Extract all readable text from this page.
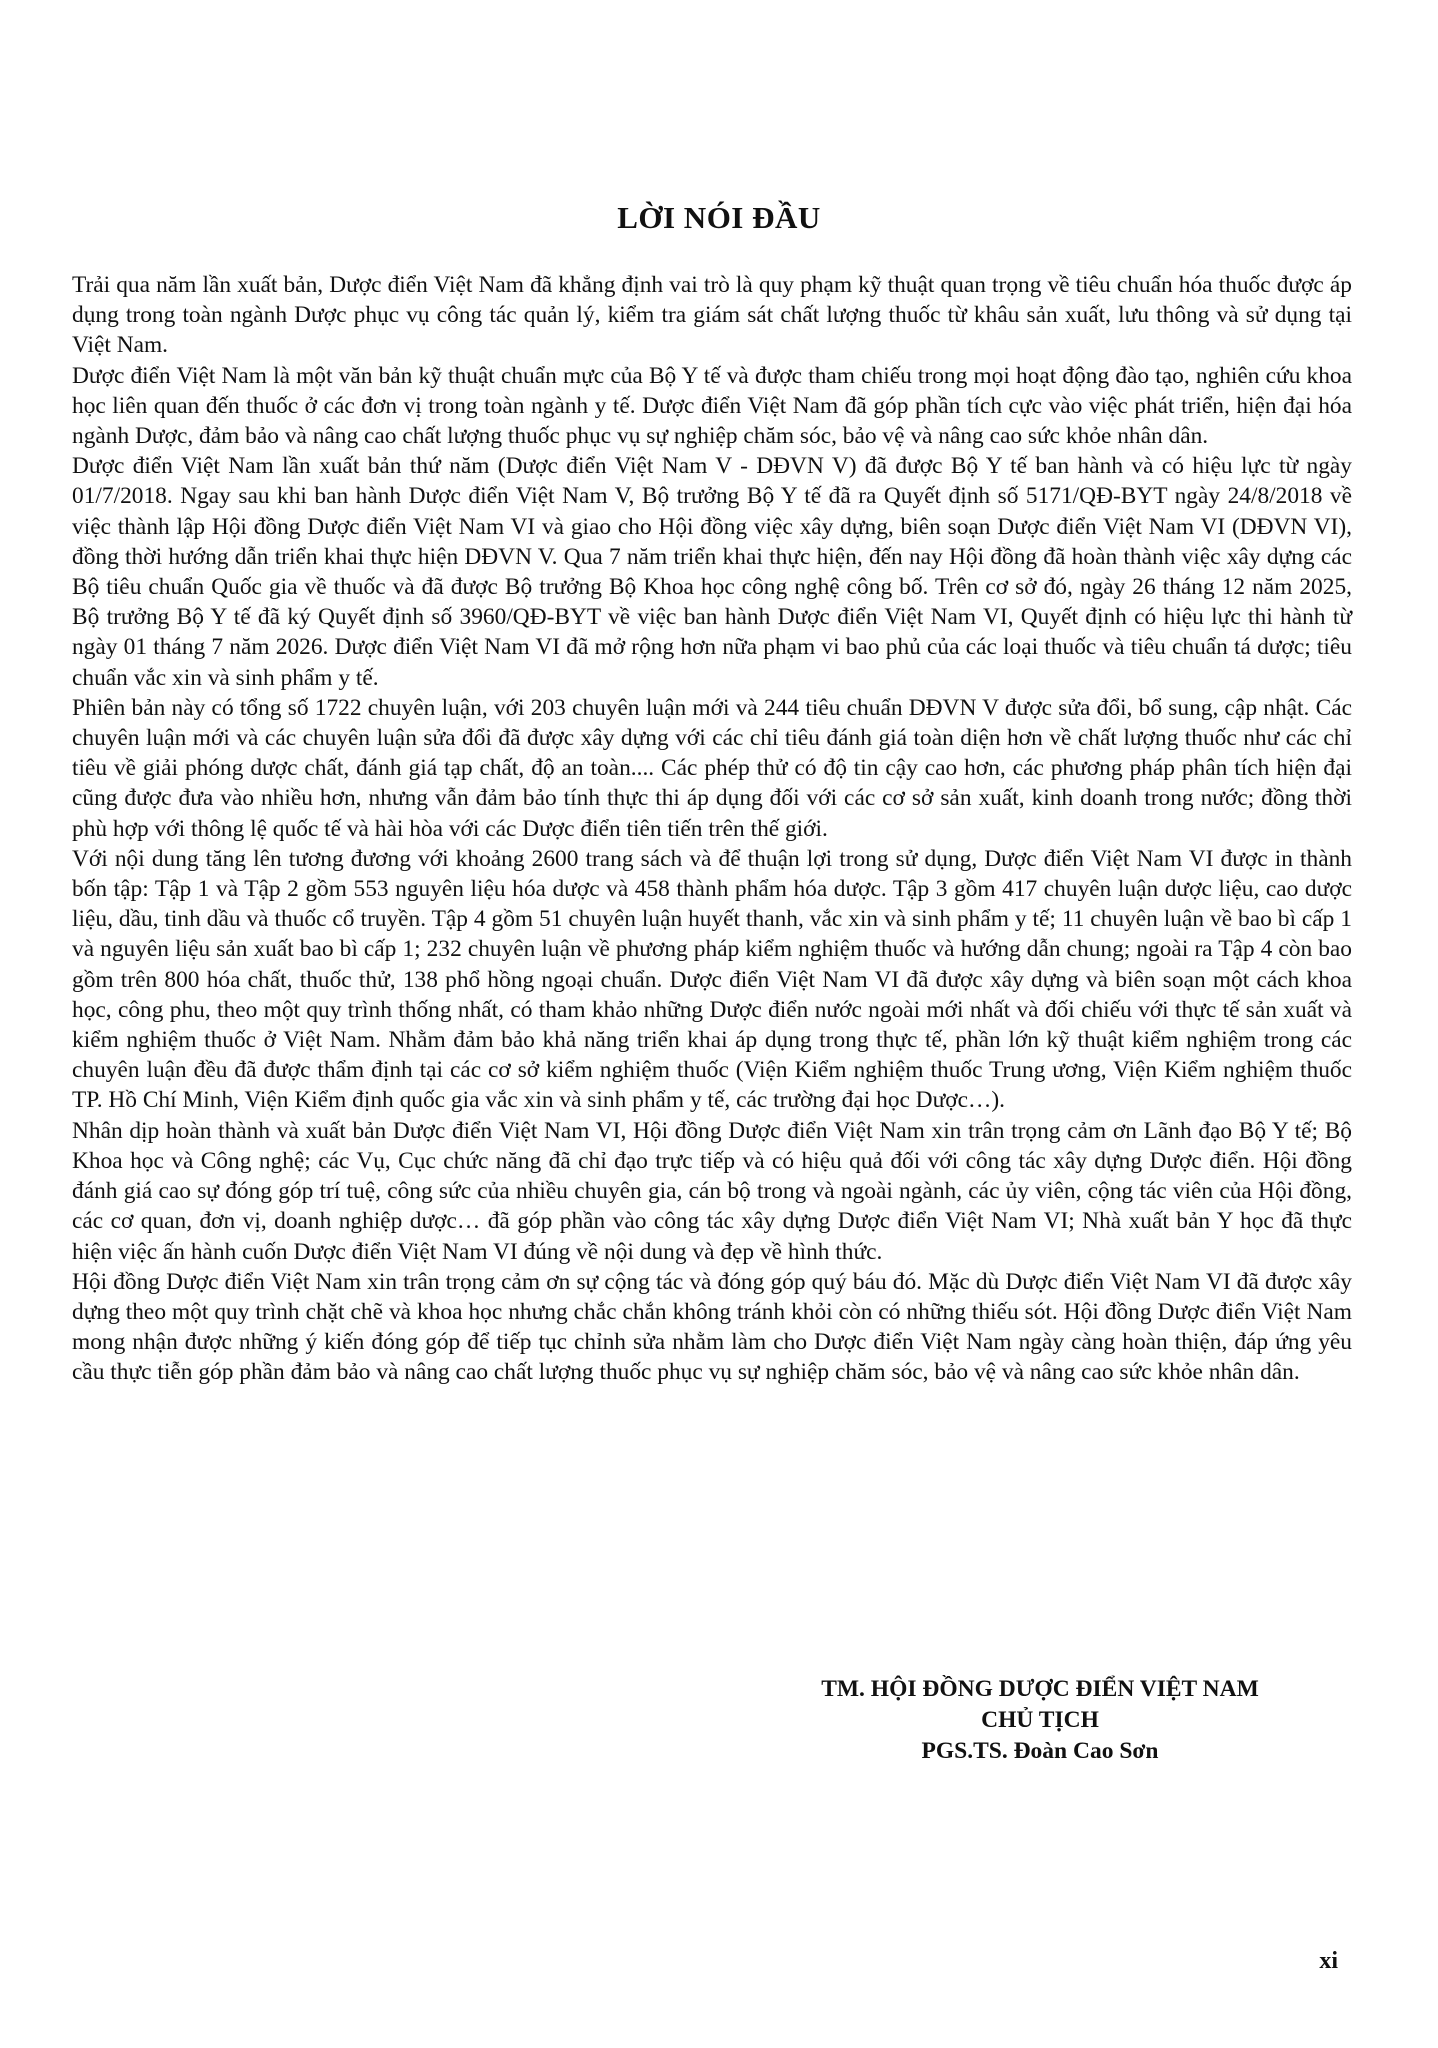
LỜI NÓI ĐẦU

Trải qua năm lần xuất bản, Dược điển Việt Nam đã khẳng định vai trò là quy phạm kỹ thuật quan trọng về tiêu chuẩn hóa thuốc được áp dụng trong toàn ngành Dược phục vụ công tác quản lý, kiểm tra giám sát chất lượng thuốc từ khâu sản xuất, lưu thông và sử dụng tại Việt Nam.

Dược điển Việt Nam là một văn bản kỹ thuật chuẩn mực của Bộ Y tế và được tham chiếu trong mọi hoạt động đào tạo, nghiên cứu khoa học liên quan đến thuốc ở các đơn vị trong toàn ngành y tế. Dược điển Việt Nam đã góp phần tích cực vào việc phát triển, hiện đại hóa ngành Dược, đảm bảo và nâng cao chất lượng thuốc phục vụ sự nghiệp chăm sóc, bảo vệ và nâng cao sức khỏe nhân dân.

Dược điển Việt Nam lần xuất bản thứ năm (Dược điển Việt Nam V - DĐVN V) đã được Bộ Y tế ban hành và có hiệu lực từ ngày 01/7/2018. Ngay sau khi ban hành Dược điển Việt Nam V, Bộ trưởng Bộ Y tế đã ra Quyết định số 5171/QĐ-BYT ngày 24/8/2018 về việc thành lập Hội đồng Dược điển Việt Nam VI và giao cho Hội đồng việc xây dựng, biên soạn Dược điển Việt Nam VI (DĐVN VI), đồng thời hướng dẫn triển khai thực hiện DĐVN V. Qua 7 năm triển khai thực hiện, đến nay Hội đồng đã hoàn thành việc xây dựng các Bộ tiêu chuẩn Quốc gia về thuốc và đã được Bộ trưởng Bộ Khoa học công nghệ công bố. Trên cơ sở đó, ngày 26 tháng 12 năm 2025, Bộ trưởng Bộ Y tế đã ký Quyết định số 3960/QĐ-BYT về việc ban hành Dược điển Việt Nam VI, Quyết định có hiệu lực thi hành từ ngày 01 tháng 7 năm 2026. Dược điển Việt Nam VI đã mở rộng hơn nữa phạm vi bao phủ của các loại thuốc và tiêu chuẩn tá dược; tiêu chuẩn vắc xin và sinh phẩm y tế.

Phiên bản này có tổng số 1722 chuyên luận, với 203 chuyên luận mới và 244 tiêu chuẩn DĐVN V được sửa đổi, bổ sung, cập nhật. Các chuyên luận mới và các chuyên luận sửa đổi đã được xây dựng với các chỉ tiêu đánh giá toàn diện hơn về chất lượng thuốc như các chỉ tiêu về giải phóng dược chất, đánh giá tạp chất, độ an toàn.... Các phép thử có độ tin cậy cao hơn, các phương pháp phân tích hiện đại cũng được đưa vào nhiều hơn, nhưng vẫn đảm bảo tính thực thi áp dụng đối với các cơ sở sản xuất, kinh doanh trong nước; đồng thời phù hợp với thông lệ quốc tế và hài hòa với các Dược điển tiên tiến trên thế giới.

Với nội dung tăng lên tương đương với khoảng 2600 trang sách và để thuận lợi trong sử dụng, Dược điển Việt Nam VI được in thành bốn tập: Tập 1 và Tập 2 gồm 553 nguyên liệu hóa dược và 458 thành phẩm hóa dược. Tập 3 gồm 417 chuyên luận dược liệu, cao dược liệu, dầu, tinh dầu và thuốc cổ truyền. Tập 4 gồm 51 chuyên luận huyết thanh, vắc xin và sinh phẩm y tế; 11 chuyên luận về bao bì cấp 1 và nguyên liệu sản xuất bao bì cấp 1; 232 chuyên luận về phương pháp kiểm nghiệm thuốc và hướng dẫn chung; ngoài ra Tập 4 còn bao gồm trên 800 hóa chất, thuốc thử, 138 phổ hồng ngoại chuẩn. Dược điển Việt Nam VI đã được xây dựng và biên soạn một cách khoa học, công phu, theo một quy trình thống nhất, có tham khảo những Dược điển nước ngoài mới nhất và đối chiếu với thực tế sản xuất và kiểm nghiệm thuốc ở Việt Nam. Nhằm đảm bảo khả năng triển khai áp dụng trong thực tế, phần lớn kỹ thuật kiểm nghiệm trong các chuyên luận đều đã được thẩm định tại các cơ sở kiểm nghiệm thuốc (Viện Kiểm nghiệm thuốc Trung ương, Viện Kiểm nghiệm thuốc TP. Hồ Chí Minh, Viện Kiểm định quốc gia vắc xin và sinh phẩm y tế, các trường đại học Dược…).

Nhân dịp hoàn thành và xuất bản Dược điển Việt Nam VI, Hội đồng Dược điển Việt Nam xin trân trọng cảm ơn Lãnh đạo Bộ Y tế; Bộ Khoa học và Công nghệ; các Vụ, Cục chức năng đã chỉ đạo trực tiếp và có hiệu quả đối với công tác xây dựng Dược điển. Hội đồng đánh giá cao sự đóng góp trí tuệ, công sức của nhiều chuyên gia, cán bộ trong và ngoài ngành, các ủy viên, cộng tác viên của Hội đồng, các cơ quan, đơn vị, doanh nghiệp dược… đã góp phần vào công tác xây dựng Dược điển Việt Nam VI; Nhà xuất bản Y học đã thực hiện việc ấn hành cuốn Dược điển Việt Nam VI đúng về nội dung và đẹp về hình thức.

Hội đồng Dược điển Việt Nam xin trân trọng cảm ơn sự cộng tác và đóng góp quý báu đó. Mặc dù Dược điển Việt Nam VI đã được xây dựng theo một quy trình chặt chẽ và khoa học nhưng chắc chắn không tránh khỏi còn có những thiếu sót. Hội đồng Dược điển Việt Nam mong nhận được những ý kiến đóng góp để tiếp tục chỉnh sửa nhằm làm cho Dược điển Việt Nam ngày càng hoàn thiện, đáp ứng yêu cầu thực tiễn góp phần đảm bảo và nâng cao chất lượng thuốc phục vụ sự nghiệp chăm sóc, bảo vệ và nâng cao sức khỏe nhân dân.

TM. HỘI ĐỒNG DƯỢC ĐIỂN VIỆT NAM
CHỦ TỊCH
PGS.TS. Đoàn Cao Sơn
xi
